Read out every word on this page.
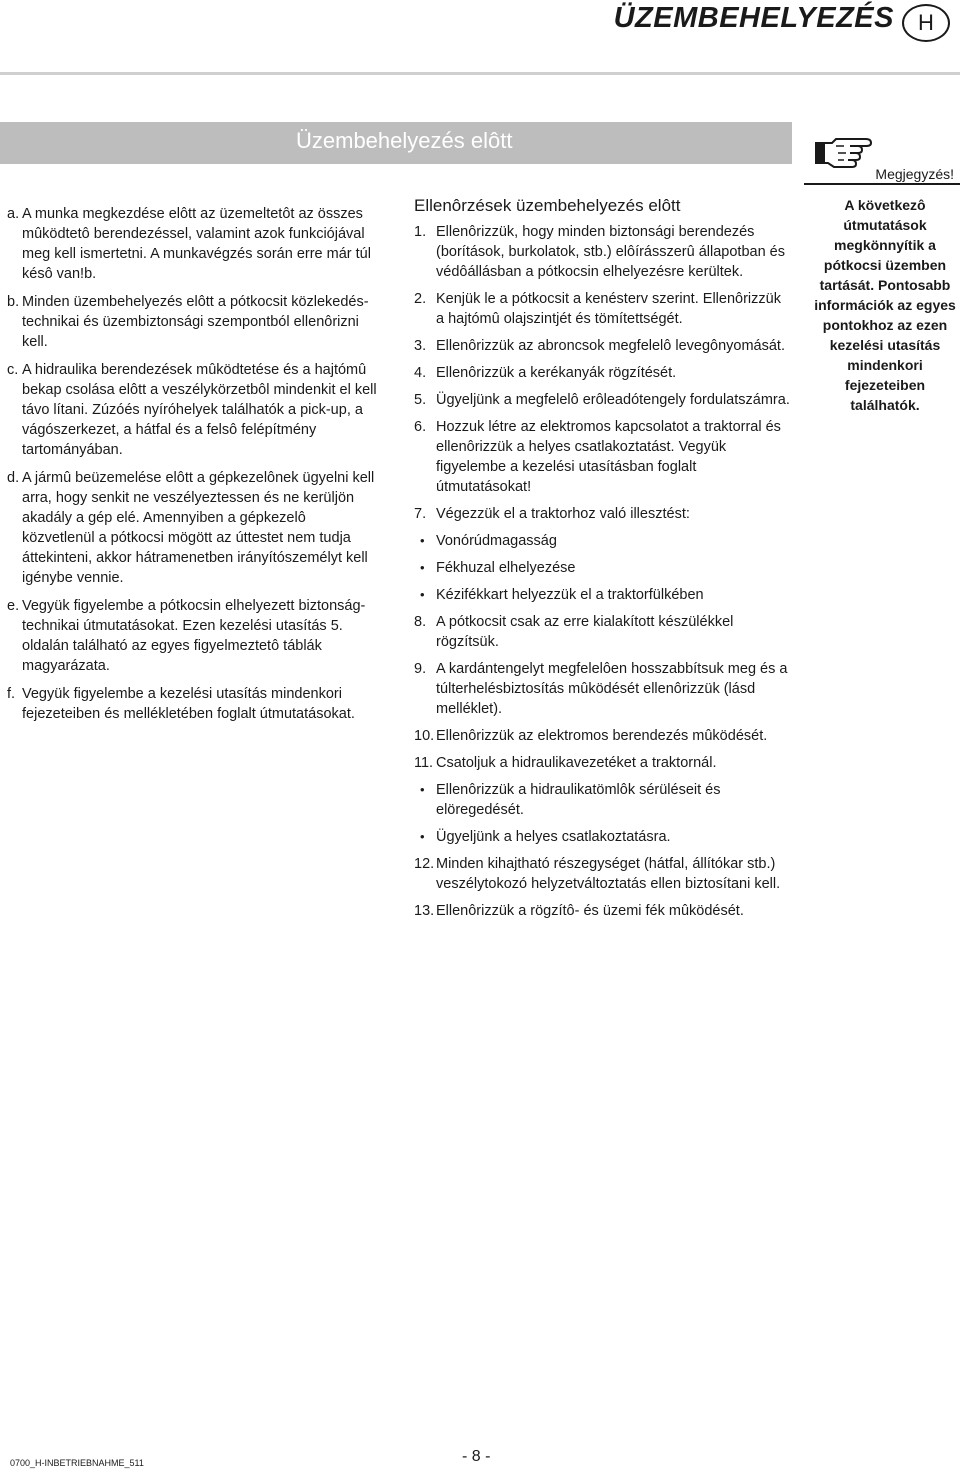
ÜZEMBEHELYEZÉS H
Üzembehelyezés elôtt
Megjegyzés!
A következô útmutatások megkönnyítik a pótkocsi üzemben tartását. Pontosabb információk az egyes pontokhoz az ezen kezelési utasítás mindenkori fejezeteiben találhatók.
a. A munka megkezdése elôtt az üzemeltetôt az összes mûködtetô berendezéssel, valamint azok funkciójával meg kell ismertetni. A munkavégzés során erre már túl késô van!b.
b. Minden üzembehelyezés elôtt a pótkocsit közlekedés-technikai és üzembiztonsági szempontból ellenôrizni kell.
c. A hidraulika berendezések mûködtetése és a hajtómû bekap csolása elôtt a veszélykörzetbôl mindenkit el kell távo lítani. Zúzóés nyíróhelyek találhatók a pick-up, a vágószerkezet, a hátfal és a felsô felépítmény tartományában.
d. A jármû beüzemelése elôtt a gépkezelônek ügyelni kell arra, hogy senkit ne veszélyeztessen és ne kerüljön akadály a gép elé. Amennyiben a gépkezelô közvetlenül a pótkocsi mögött az úttestet nem tudja áttekinteni, akkor hátramenetben irányítószemélyt kell igénybe vennie.
e. Vegyük figyelembe a pótkocsin elhelyezett biztonság-technikai útmutatásokat. Ezen kezelési utasítás 5. oldalán található az egyes figyelmeztetô táblák magyarázata.
f. Vegyük figyelembe a kezelési utasítás mindenkori fejezeteiben és mellékletében foglalt útmutatásokat.
Ellenôrzések üzembehelyezés elôtt
1. Ellenôrizzük, hogy minden biztonsági berendezés (borítások, burkolatok, stb.) elôírásszerû állapotban és védôállásban a pótkocsin elhelyezésre kerültek.
2. Kenjük le a pótkocsit a kenésterv szerint. Ellenôrizzük a hajtómû olajszintjét és tömítettségét.
3. Ellenôrizzük az abroncsok megfelelô levegônyomását.
4. Ellenôrizzük a kerékanyák rögzítését.
5. Ügyeljünk a megfelelô erôleadótengely fordulatszámra.
6. Hozzuk létre az elektromos kapcsolatot a traktorral és ellenôrizzük a helyes csatlakoztatást. Vegyük figyelembe a kezelési utasításban foglalt útmutatásokat!
7. Végezzük el a traktorhoz való illesztést:
• Vonórúdmagasság
• Fékhuzal elhelyezése
• Kézifékkart helyezzük el a traktorfülkében
8. A pótkocsit csak az erre kialakított készülékkel rögzítsük.
9. A kardántengelyt megfelelôen hosszabbítsuk meg és a túlterhelésbiztosítás mûködését ellenôrizzük (lásd melléklet).
10. Ellenôrizzük az elektromos berendezés mûködését.
11. Csatoljuk a hidraulikavezetéket a traktornál.
• Ellenôrizzük a hidraulikatömlôk sérüléseit és elöregedését.
• Ügyeljünk a helyes csatlakoztatásra.
12. Minden kihajtható részegységet (hátfal, állítókar stb.) veszélytokozó helyzetváltoztatás ellen biztosítani kell.
13. Ellenôrizzük a rögzítô- és üzemi fék mûködését.
0700_H-INBETRIEBNAHME_511	- 8 -
